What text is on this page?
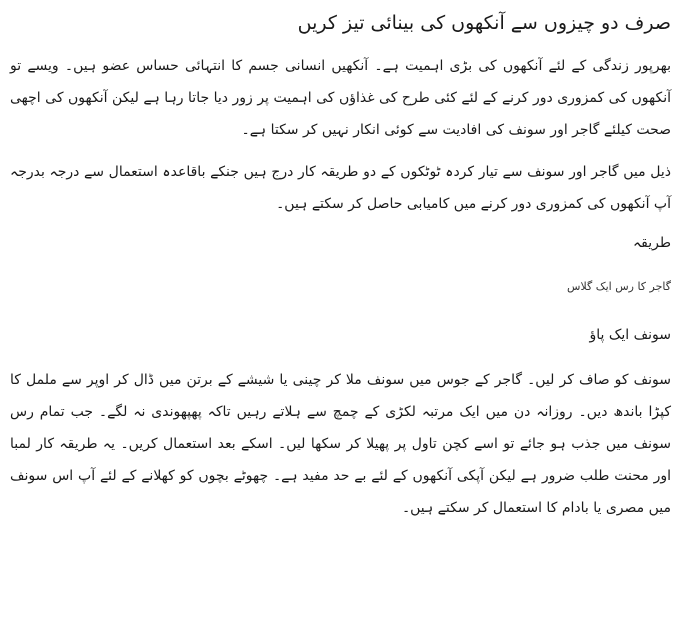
صرف دو چیزوں سے آنکھوں کی بینائی تیز کریں

بھرپور زندگی کے لئے آنکھوں کی بڑی اہمیت ہے۔ آنکھیں انسانی جسم کا انتہائی حساس عضو ہیں۔ ویسے تو آنکھوں کی کمزوری دور کرنے کے لئے کئی طرح کی غذاؤں کی اہمیت پر زور دیا جاتا رہا ہے لیکن آنکھوں کی اچھی صحت کیلئے گاجر اور سونف کی افادیت سے کوئی انکار نہیں کر سکتا ہے۔

ذیل میں گاجر اور سونف سے تیار کردہ ٹوٹکوں کے دو طریقہ کار درج ہیں جنکے باقاعدہ استعمال سے درجہ بدرجہ آپ آنکھوں کی کمزوری دور کرنے میں کامیابی حاصل کر سکتے ہیں۔

طریقہ

گاجر کا رس ایک گلاس

سونف ایک پاؤ

سونف کو صاف کر لیں۔ گاجر کے جوس میں سونف ملا کر چینی یا شیشے کے برتن میں ڈال کر اوپر سے ململ کا کپڑا باندھ دیں۔ روزانہ دن میں ایک مرتبہ لکڑی کے چمچ سے ہلاتے رہیں تاکہ پھپھوندی نہ لگے۔ جب تمام رس سونف میں جذب ہو جائے تو اسے کچن تاول پر پھیلا کر سکھا لیں۔ اسکے بعد استعمال کریں۔ یہ طریقہ کار لمبا اور محنت طلب ضرور ہے لیکن آپکی آنکھوں کے لئے بے حد مفید ہے۔ چھوٹے بچوں کو کھلانے کے لئے آپ اس سونف میں مصری یا بادام کا استعمال کر سکتے ہیں۔
